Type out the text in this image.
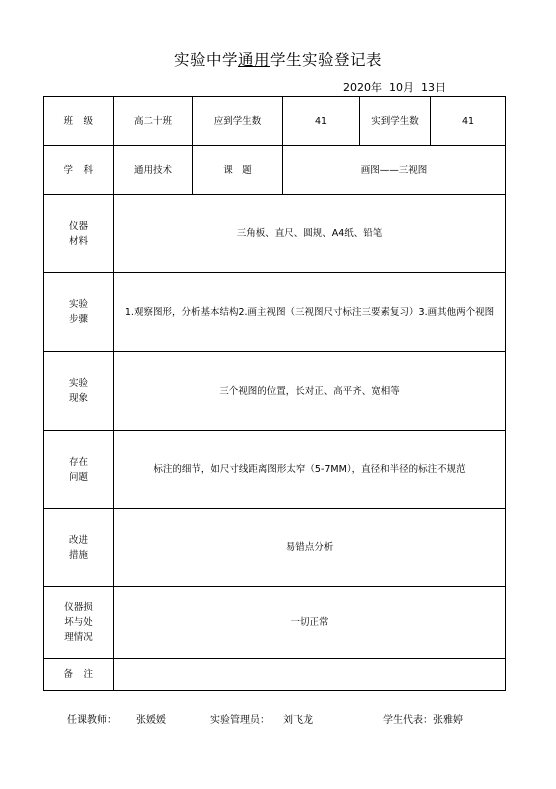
实验中学通用学生实验登记表
2020年 10月 13日
班　级	高二十班	应到学生数	41	实到学生数	41
学　科	通用技术	课　题	画图——三视图		
仪器
材料	三角板、直尺、圆规、A4纸、铅笔				
实验
步骤	1.观察图形，分析基本结构2.画主视图（三视图尺寸标注三要素复习）3.画其他两个视图				
实验
现象	三个视图的位置，长对正、高平齐、宽相等				
存在
问题	标注的细节，如尺寸线距离图形太窄（5-7MM），直径和半径的标注不规范				
改进
措施	易错点分析				
仪器损
坏与处
理情况	一切正常				
备　注					
任课教师： 张媛媛	实验管理员： 刘飞龙	学生代表：张雅婷
